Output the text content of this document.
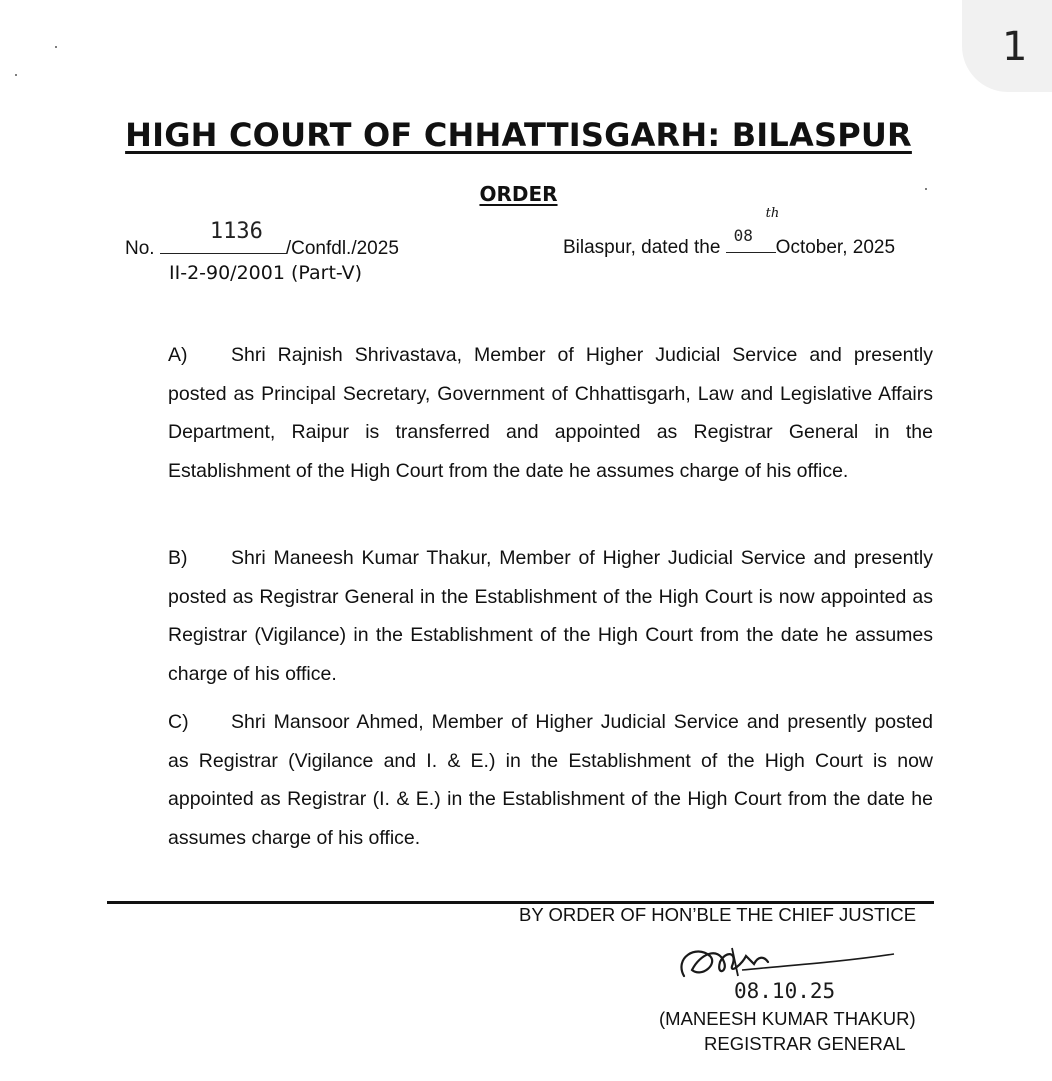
1
HIGH COURT OF CHHATTISGARH: BILASPUR
ORDER
No.
1136
/Confdl./2025
II-2-90/2001 (Part-V)
Bilaspur, dated the
08
th
October, 2025
A) Shri Rajnish Shrivastava, Member of Higher Judicial Service and presently posted as Principal Secretary, Government of Chhattisgarh, Law and Legislative Affairs Department, Raipur is transferred and appointed as Registrar General in the Establishment of the High Court from the date he assumes charge of his office.
B) Shri Maneesh Kumar Thakur, Member of Higher Judicial Service and presently posted as Registrar General in the Establishment of the High Court is now appointed as Registrar (Vigilance) in the Establishment of the High Court from the date he assumes charge of his office.
C) Shri Mansoor Ahmed, Member of Higher Judicial Service and presently posted as Registrar (Vigilance and I. & E.) in the Establishment of the High Court is now appointed as Registrar (I. & E.) in the Establishment of the High Court from the date he assumes charge of his office.
BY ORDER OF HON’BLE THE CHIEF JUSTICE
08.10.25
(MANEESH KUMAR THAKUR)
REGISTRAR GENERAL
